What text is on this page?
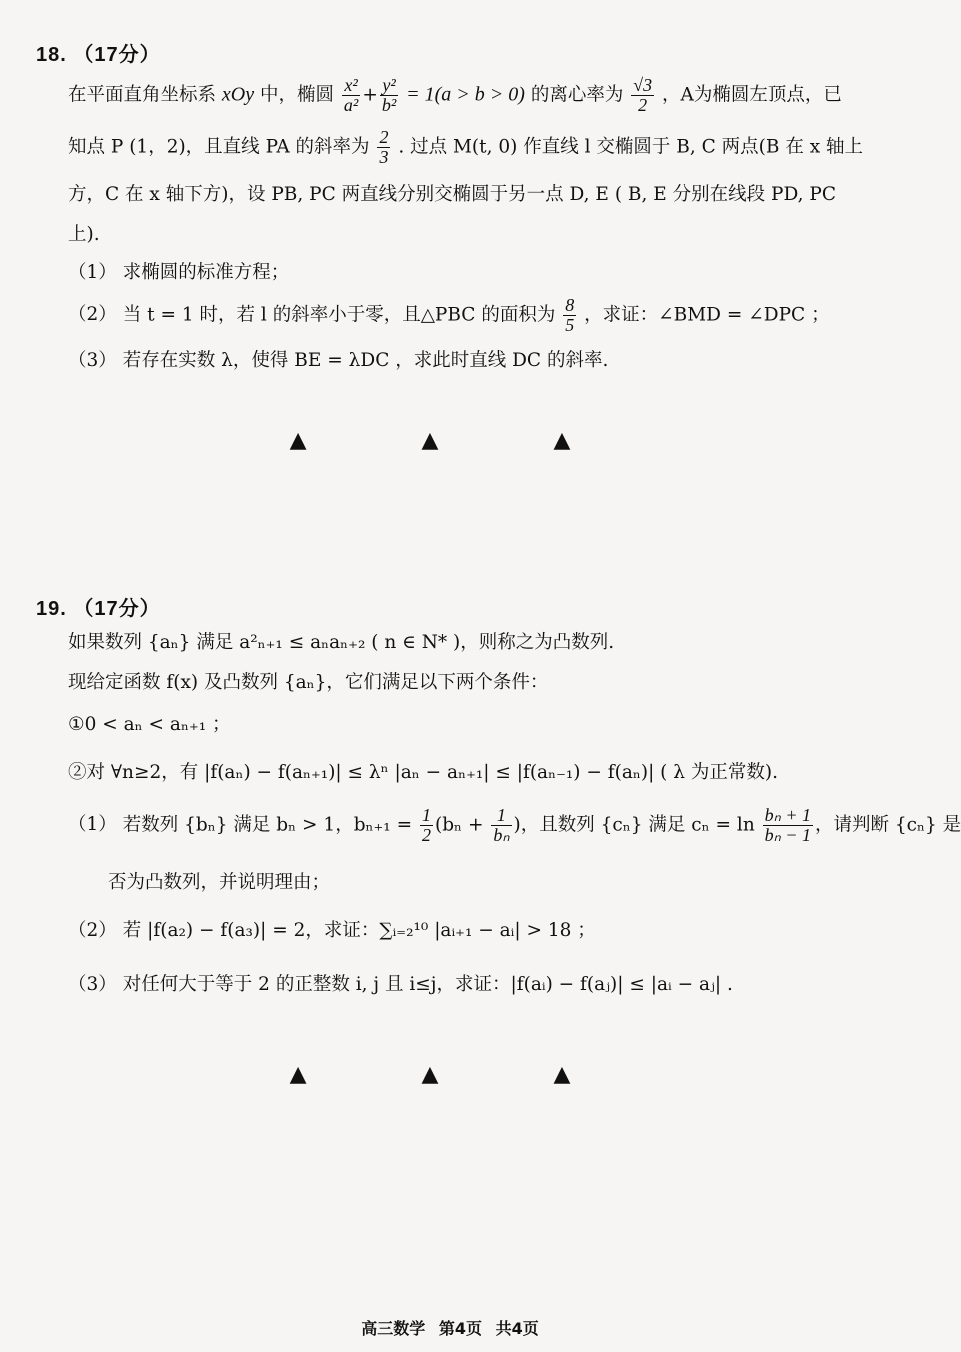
18. （17分）
在平面直角坐标系 xOy 中，椭圆 $\frac{\text{x²}}{\text{a²}} + \frac{\text{y²}}{\text{b²}} = 1(a > b > 0)$ 的离心率为 $\frac{√3}{2}$ ，A为椭圆左顶点，已
知点 P (1，2)，且直线 PA 的斜率为 $\frac{2}{3}$ . 过点 M(t, 0) 作直线 l 交椭圆于 B, C 两点(B 在 x 轴上
方，C 在 x 轴下方)，设 PB, PC 两直线分别交椭圆于另一点 D, E ( B, E 分别在线段 PD, PC
上).
（1） 求椭圆的标准方程；
（2） 当 t = 1 时，若 l 的斜率小于零，且△PBC 的面积为 $\frac{8}{5}$ ，求证：∠BMD = ∠DPC ；
（3） 若存在实数 λ，使得 BE = λDC ，求此时直线 DC 的斜率.
▲	▲	▲
19. （17分）
如果数列 {aₙ} 满足 a²ₙ₊₁ ≤ aₙaₙ₊₂ ( n ∈ N* )，则称之为凸数列.
现给定函数 f(x) 及凸数列 {aₙ}，它们满足以下两个条件：
①0 < aₙ < aₙ₊₁ ；
②对 ∀n≥2，有 |f(aₙ) − f(aₙ₊₁)| ≤ λⁿ |aₙ − aₙ₊₁| ≤ |f(aₙ₋₁) − f(aₙ)| ( λ 为正常数).
（1） 若数列 {bₙ} 满足 bₙ > 1，$b_{n+1} = \frac{1}{2} (b_n + \frac{1}{\text{bₙ}}$ )，且数列 {cₙ} 满足 $c_n = \ln \frac{\text{bₙ + 1}}{\text{bₙ − 1}}$ ，请判断 {cₙ} 是
否为凸数列，并说明理由；
（2） 若 |f(a₂) − f(a₃)| = 2，求证：∑ᵢ₌₂¹⁰ |aᵢ₊₁ − aᵢ| > 18 ；
（3） 对任何大于等于 2 的正整数 i, j 且 i≤j，求证：|f(aᵢ) − f(aⱼ)| ≤ |aᵢ − aⱼ| .
▲	▲	▲
高三数学 第4页 共4页
